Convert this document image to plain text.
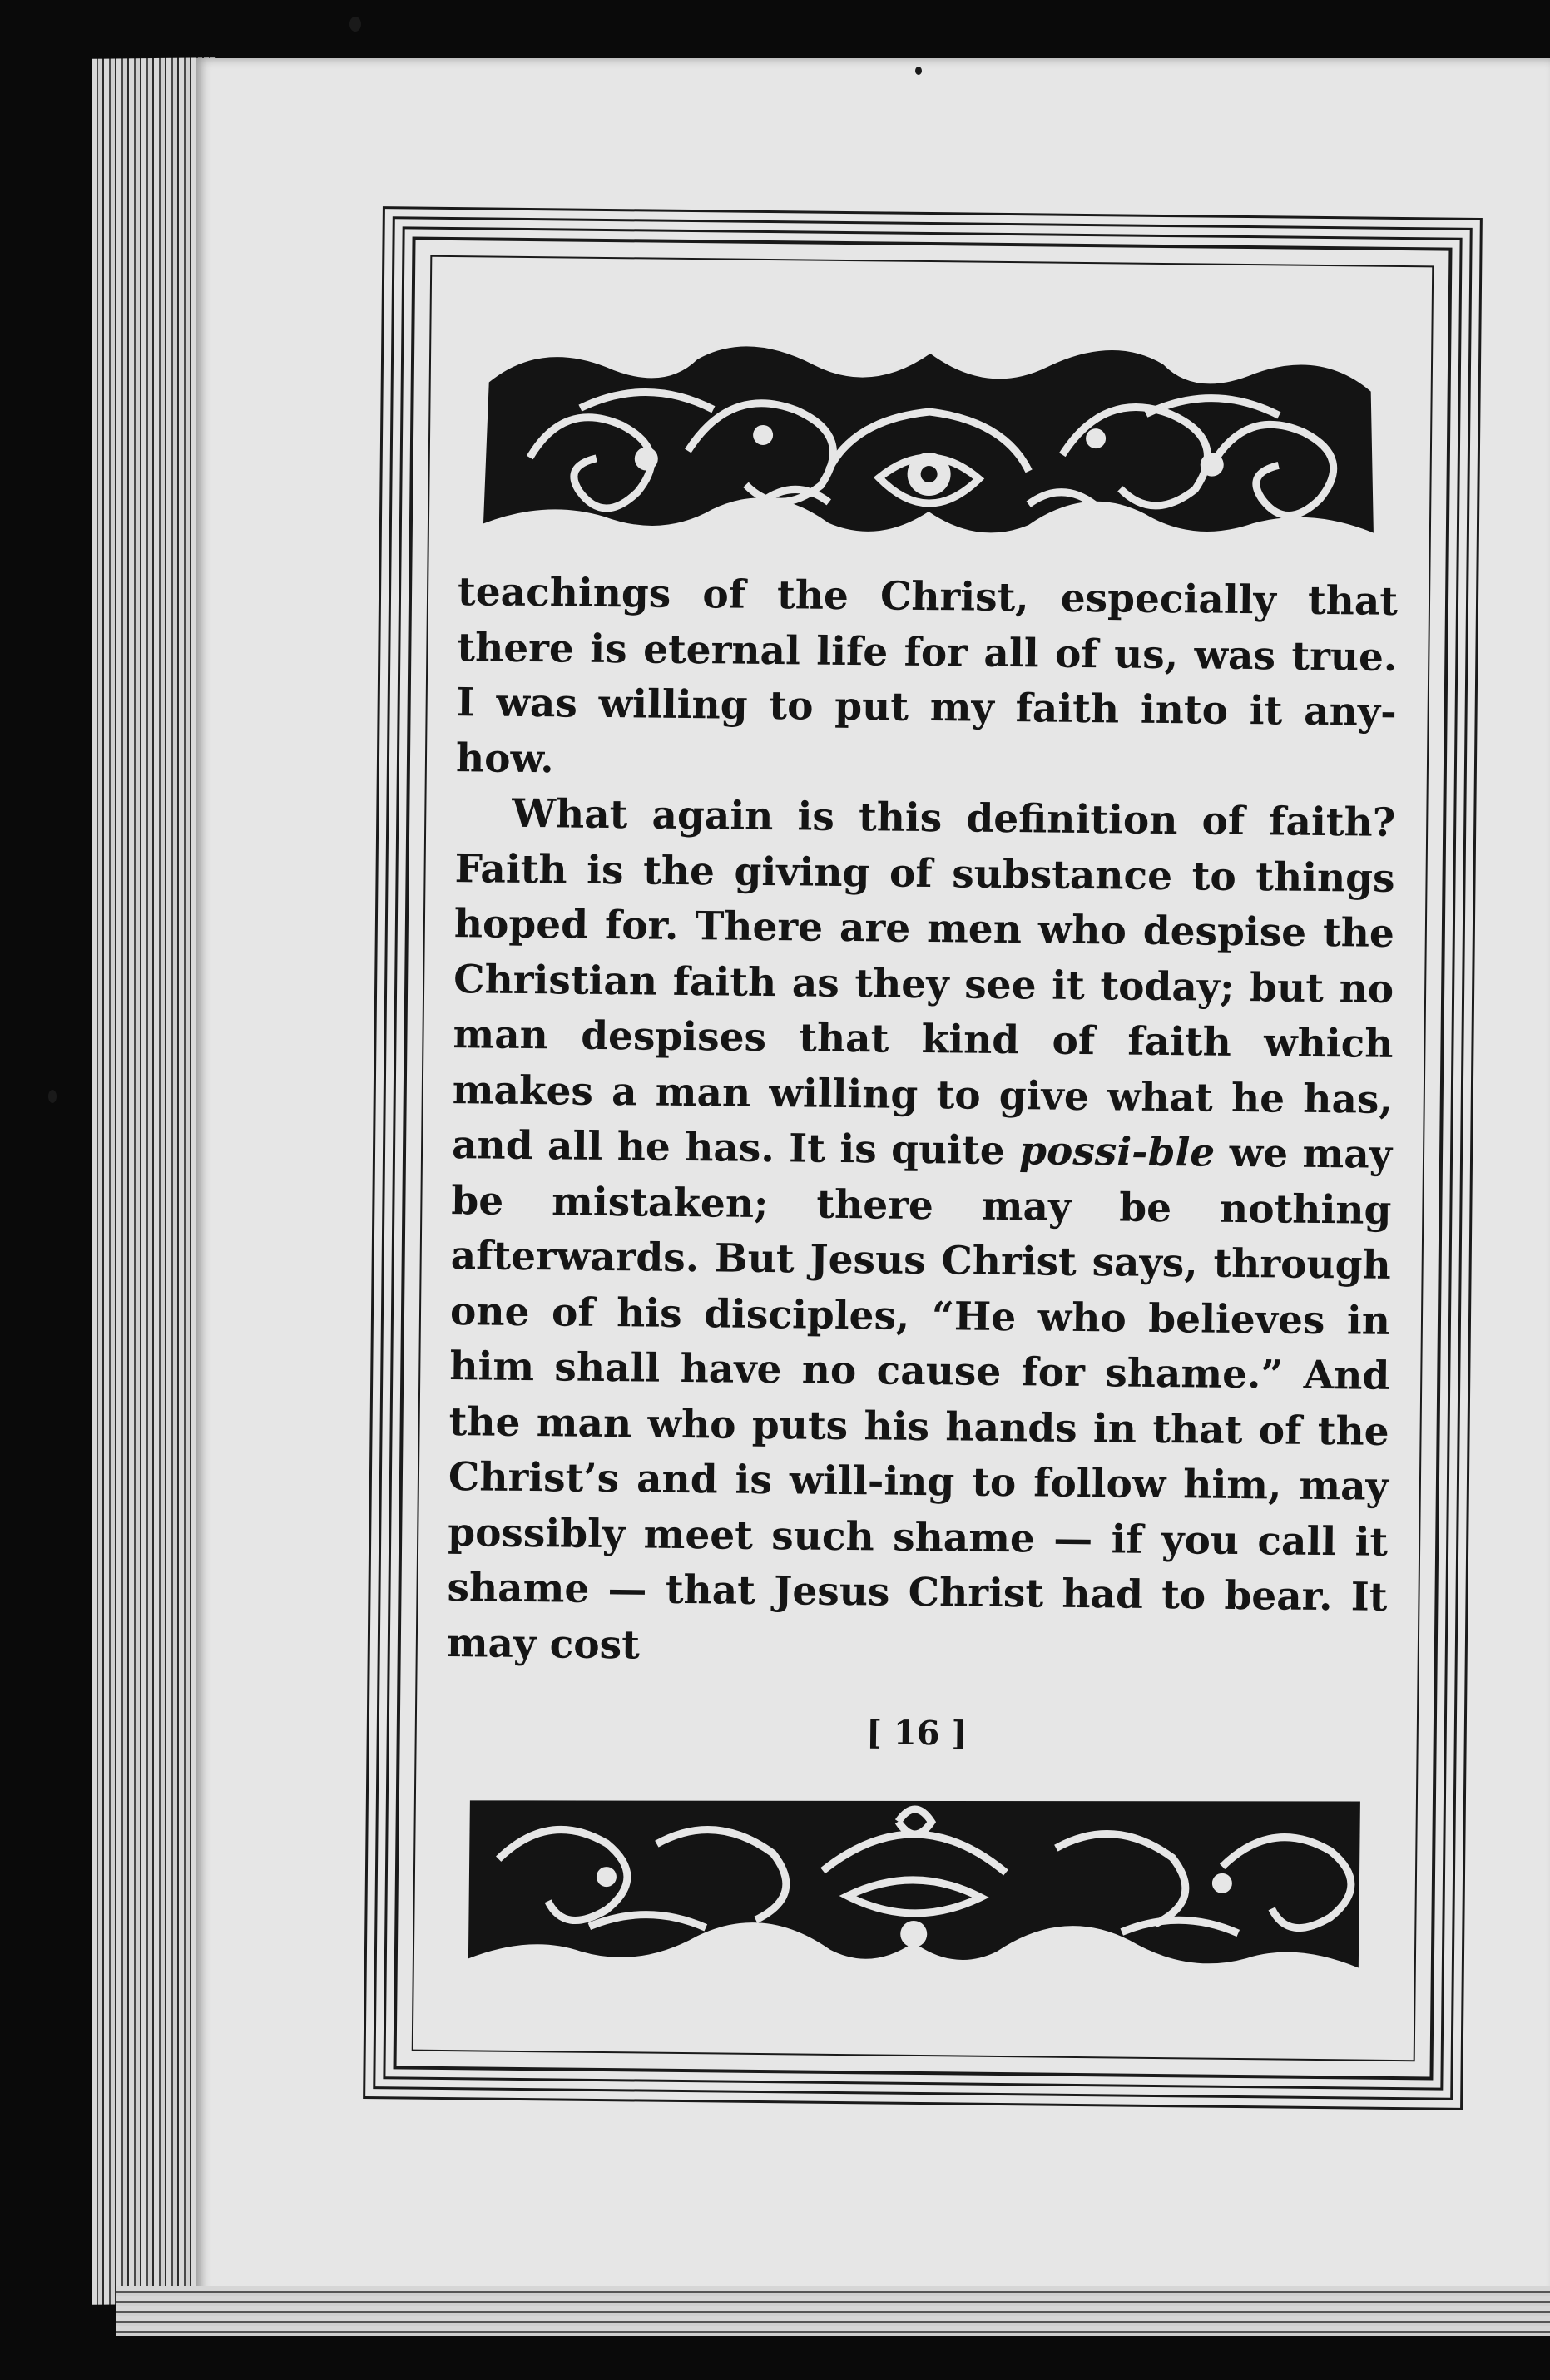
teachings of the Christ, especially that there is eternal life for all of us, was true. I was willing to put my faith into it any-how.

What again is this definition of faith? Faith is the giving of substance to things hoped for. There are men who despise the Christian faith as they see it today; but no man despises that kind of faith which makes a man willing to give what he has, and all he has. It is quite possi-ble we may be mistaken; there may be nothing afterwards. But Jesus Christ says, through one of his disciples, “He who believes in him shall have no cause for shame.” And the man who puts his hands in that of the Christ’s and is will-ing to follow him, may possibly meet such shame — if you call it shame — that Jesus Christ had to bear. It may cost

[ 16 ]
